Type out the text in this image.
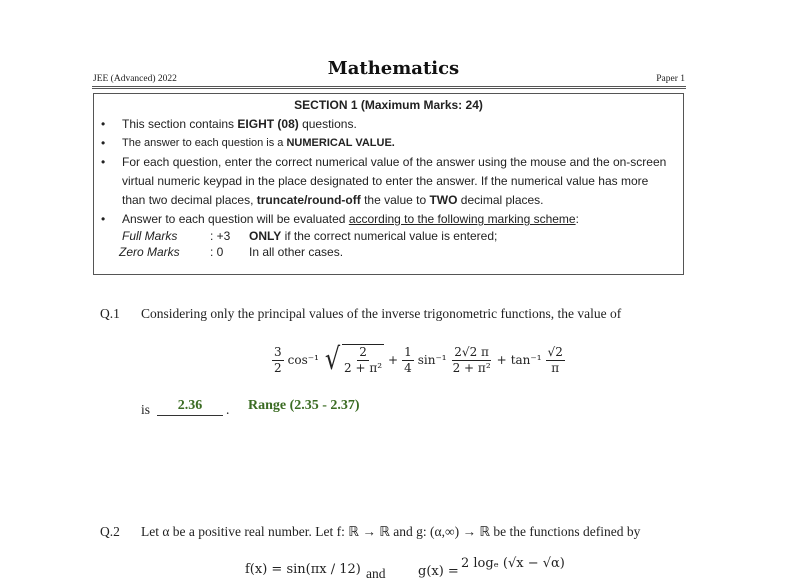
Mathematics
JEE (Advanced) 2022	Paper 1
SECTION 1 (Maximum Marks: 24)
• This section contains EIGHT (08) questions.
• The answer to each question is a NUMERICAL VALUE.
• For each question, enter the correct numerical value of the answer using the mouse and the on-screen
virtual numeric keypad in the place designated to enter the answer. If the numerical value has more
than two decimal places, truncate/round-off the value to TWO decimal places.
• Answer to each question will be evaluated according to the following marking scheme:
Full Marks	: +3 ONLY if the correct numerical value is entered;
Zero Marks	: 0 In all other cases.
Q.1 Considering only the principal values of the inverse trigonometric functions, the value of
$\frac{3}{2} \cos^{-1}$ √ $\frac{2}{\text{2 + π²}} + \frac{1}{4} \sin^{-1} \frac{2√2 \pi}{\text{2 + π²}} + \tan^{-1} \frac{√2}{\pi}$
is	2.36	. Range (2.35 - 2.37)
Q.2 Let α be a positive real number. Let f: ℝ → ℝ and g: (α,∞) → ℝ be the functions defined by
f(x) = sin(πx / 12) and	g(x) =
2 logₑ (√x − √α)
